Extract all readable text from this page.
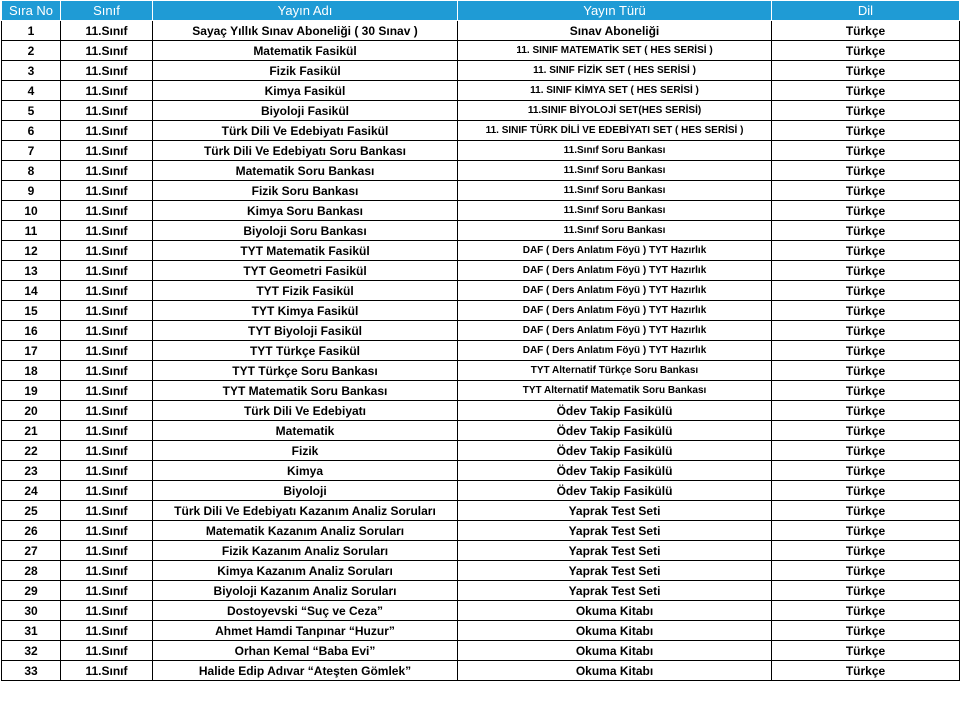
Sıra No	Sınıf	Yayın Adı	Yayın Türü	Dil
1	11.Sınıf	Sayaç Yıllık Sınav Aboneliği ( 30 Sınav )	Sınav Aboneliği	Türkçe
2	11.Sınıf	Matematik Fasikül	11. SINIF MATEMATİK SET ( HES SERİSİ )	Türkçe
3	11.Sınıf	Fizik Fasikül	11. SINIF FİZİK SET ( HES SERİSİ )	Türkçe
4	11.Sınıf	Kimya Fasikül	11. SINIF KİMYA SET ( HES SERİSİ )	Türkçe
5	11.Sınıf	Biyoloji Fasikül	11.SINIF BİYOLOJİ SET(HES SERİSİ)	Türkçe
6	11.Sınıf	Türk Dili Ve Edebiyatı Fasikül	11. SINIF TÜRK DİLİ VE EDEBİYATI SET ( HES SERİSİ )	Türkçe
7	11.Sınıf	Türk Dili Ve Edebiyatı Soru Bankası	11.Sınıf Soru Bankası	Türkçe
8	11.Sınıf	Matematik Soru Bankası	11.Sınıf Soru Bankası	Türkçe
9	11.Sınıf	Fizik Soru Bankası	11.Sınıf Soru Bankası	Türkçe
10	11.Sınıf	Kimya Soru Bankası	11.Sınıf Soru Bankası	Türkçe
11	11.Sınıf	Biyoloji Soru Bankası	11.Sınıf Soru Bankası	Türkçe
12	11.Sınıf	TYT Matematik Fasikül	DAF ( Ders Anlatım Föyü ) TYT Hazırlık	Türkçe
13	11.Sınıf	TYT Geometri Fasikül	DAF ( Ders Anlatım Föyü ) TYT Hazırlık	Türkçe
14	11.Sınıf	TYT Fizik Fasikül	DAF ( Ders Anlatım Föyü ) TYT Hazırlık	Türkçe
15	11.Sınıf	TYT Kimya Fasikül	DAF ( Ders Anlatım Föyü ) TYT Hazırlık	Türkçe
16	11.Sınıf	TYT Biyoloji Fasikül	DAF ( Ders Anlatım Föyü ) TYT Hazırlık	Türkçe
17	11.Sınıf	TYT Türkçe Fasikül	DAF ( Ders Anlatım Föyü ) TYT Hazırlık	Türkçe
18	11.Sınıf	TYT Türkçe Soru Bankası	TYT Alternatif Türkçe Soru Bankası	Türkçe
19	11.Sınıf	TYT Matematik Soru Bankası	TYT Alternatif Matematik Soru Bankası	Türkçe
20	11.Sınıf	Türk Dili Ve Edebiyatı	Ödev Takip Fasikülü	Türkçe
21	11.Sınıf	Matematik	Ödev Takip Fasikülü	Türkçe
22	11.Sınıf	Fizik	Ödev Takip Fasikülü	Türkçe
23	11.Sınıf	Kimya	Ödev Takip Fasikülü	Türkçe
24	11.Sınıf	Biyoloji	Ödev Takip Fasikülü	Türkçe
25	11.Sınıf	Türk Dili Ve Edebiyatı Kazanım Analiz Soruları	Yaprak Test Seti	Türkçe
26	11.Sınıf	Matematik Kazanım Analiz Soruları	Yaprak Test Seti	Türkçe
27	11.Sınıf	Fizik Kazanım Analiz Soruları	Yaprak Test Seti	Türkçe
28	11.Sınıf	Kimya Kazanım Analiz Soruları	Yaprak Test Seti	Türkçe
29	11.Sınıf	Biyoloji Kazanım Analiz Soruları	Yaprak Test Seti	Türkçe
30	11.Sınıf	Dostoyevski “Suç ve Ceza”	Okuma Kitabı	Türkçe
31	11.Sınıf	Ahmet Hamdi Tanpınar “Huzur”	Okuma Kitabı	Türkçe
32	11.Sınıf	Orhan Kemal “Baba Evi”	Okuma Kitabı	Türkçe
33	11.Sınıf	Halide Edip Adıvar “Ateşten Gömlek”	Okuma Kitabı	Türkçe
